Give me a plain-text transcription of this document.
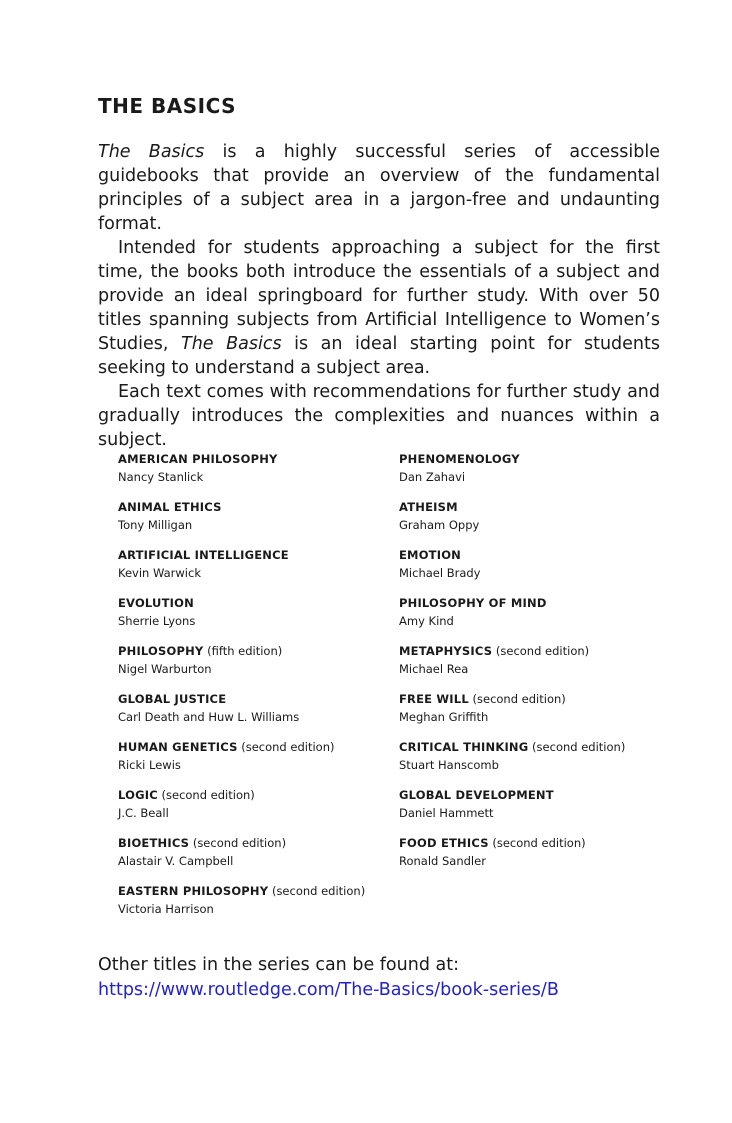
THE BASICS

The Basics is a highly successful series of accessible guidebooks that provide an overview of the fundamental principles of a subject area in a jargon-free and undaunting format.

Intended for students approaching a subject for the first time, the books both introduce the essentials of a subject and provide an ideal springboard for further study. With over 50 titles spanning subjects from Artificial Intelligence to Women’s Studies, The Basics is an ideal starting point for students seeking to understand a subject area.

Each text comes with recommendations for further study and gradually introduces the complexities and nuances within a subject.

AMERICAN PHILOSOPHY
Nancy Stanlick
ANIMAL ETHICS
Tony Milligan
ARTIFICIAL INTELLIGENCE
Kevin Warwick
EVOLUTION
Sherrie Lyons
PHILOSOPHY (fifth edition)
Nigel Warburton
GLOBAL JUSTICE
Carl Death and Huw L. Williams
HUMAN GENETICS (second edition)
Ricki Lewis
LOGIC (second edition)
J.C. Beall
BIOETHICS (second edition)
Alastair V. Campbell
EASTERN PHILOSOPHY (second edition)
Victoria Harrison
PHENOMENOLOGY
Dan Zahavi
ATHEISM
Graham Oppy
EMOTION
Michael Brady
PHILOSOPHY OF MIND
Amy Kind
METAPHYSICS (second edition)
Michael Rea
FREE WILL (second edition)
Meghan Griffith
CRITICAL THINKING (second edition)
Stuart Hanscomb
GLOBAL DEVELOPMENT
Daniel Hammett
FOOD ETHICS (second edition)
Ronald Sandler
Other titles in the series can be found at:
https://www.routledge.com/The-Basics/book-series/B
